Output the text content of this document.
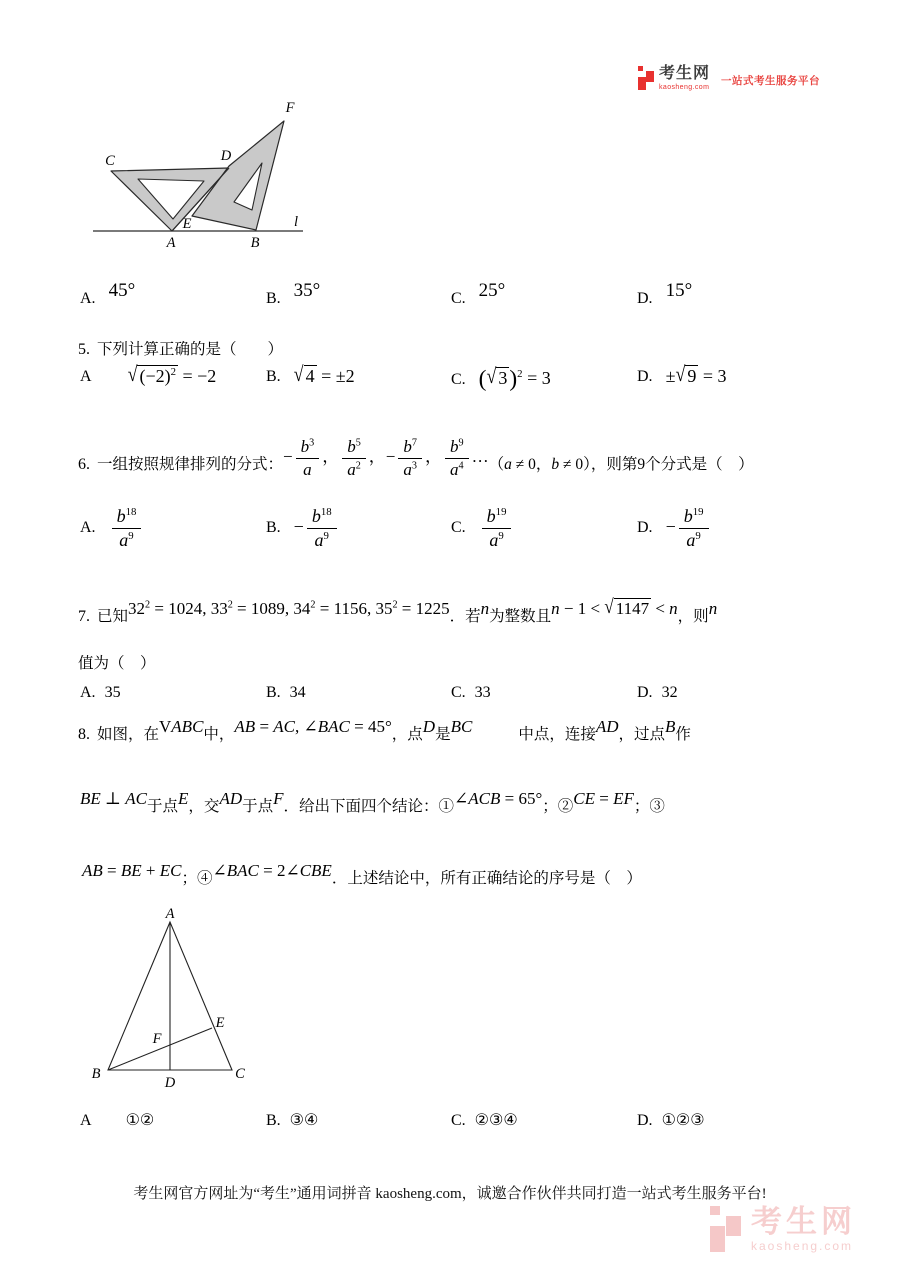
考生网
kaosheng.com
一站式考生服务平台
C	D
F
E
A	B
l
A. 45°	B. 35°	C. 25°	D. 15°
5. 下列计算正确的是（　　）
A √ $(-2)^2 = -2$	B. √ 4 = ±2	C. (√ 3)$^2$ = 3	D. ±√ 9 = 3
6. 一组按照规律排列的分式：− $\frac{b^3}{a}$ ， $\frac{b^5}{a^2}$ ，− $\frac{b^7}{a^3}$ ， $\frac{b^9}{a^4}$ …（a ≠ 0，b ≠ 0），则第9个分式是（　）
A. $\frac{b^{18}}{a^9}$	B. − $\frac{b^{18}}{a^9}$	C. $\frac{b^{19}}{a^9}$	D. − $\frac{b^{19}}{a^9}$
7. 已知$32^2 = 1024$, $33^2 = 1089$, $34^2 = 1156$, $35^2 = 1225$．若n为整数且n − 1 < √ 1147 < n，则n
值为（　）
A. 35	B. 34	C. 33	D. 32
8. 如图，在VABC中，AB = AC, ∠BAC = 45°，点D是BC	中点，连接AD，过点B作
BE ⊥ AC于点E，交AD于点F．给出下面四个结论：①∠ACB = 65°；②CE = EF；③
AB = BE + EC；④∠BAC = 2∠CBE．上述结论中，所有正确结论的序号是（　）
A
B	C
D
E
F
A ①②	B. ③④	C. ②③④	D. ①②③
考生网官方网址为“考生”通用词拼音 kaosheng.com，诚邀合作伙伴共同打造一站式考生服务平台!
考生网
kaosheng.com
